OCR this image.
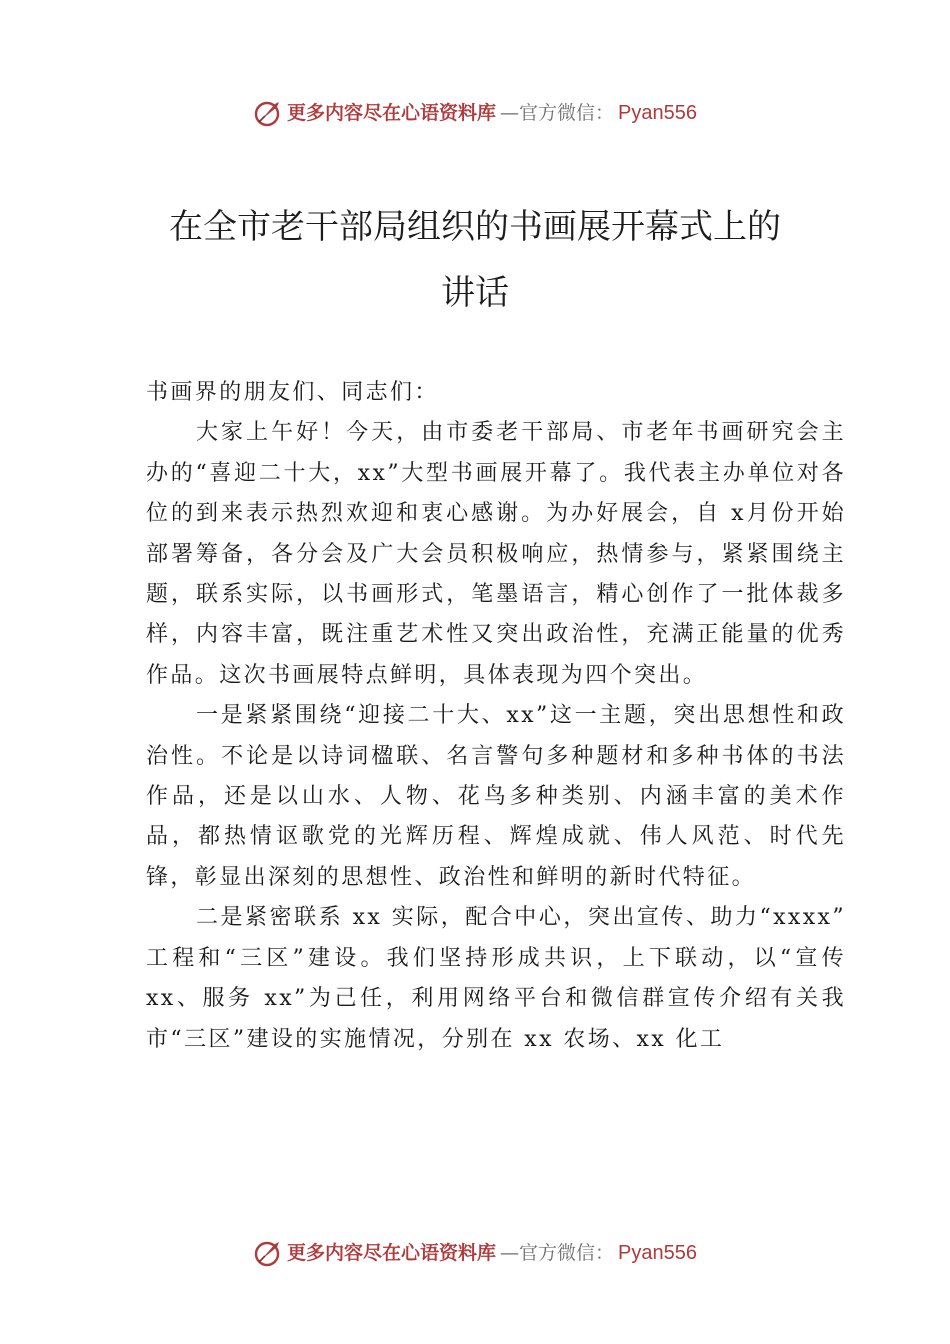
更多内容尽在心语资料库 —官方微信： Pyan556
在全市老干部局组织的书画展开幕式上的
讲话

书画界的朋友们、同志们：

大家上午好！今天，由市委老干部局、市老年书画研究会主办的“喜迎二十大，xx”大型书画展开幕了。我代表主办单位对各位的到来表示热烈欢迎和衷心感谢。为办好展会，自 x月份开始部署筹备，各分会及广大会员积极响应，热情参与，紧紧围绕主题，联系实际，以书画形式，笔墨语言，精心创作了一批体裁多样，内容丰富，既注重艺术性又突出政治性，充满正能量的优秀作品。这次书画展特点鲜明，具体表现为四个突出。

一是紧紧围绕“迎接二十大、xx”这一主题，突出思想性和政治性。不论是以诗词楹联、名言警句多种题材和多种书体的书法作品，还是以山水、人物、花鸟多种类别、内涵丰富的美术作品，都热情讴歌党的光辉历程、辉煌成就、伟人风范、时代先锋，彰显出深刻的思想性、政治性和鲜明的新时代特征。

二是紧密联系 xx 实际，配合中心，突出宣传、助力“xxxx” 工程和“三区”建设。我们坚持形成共识，上下联动，以“宣传 xx、服务 xx”为己任，利用网络平台和微信群宣传介绍有关我市“三区”建设的实施情况，分别在 xx 农场、xx 化工

更多内容尽在心语资料库 —官方微信： Pyan556
